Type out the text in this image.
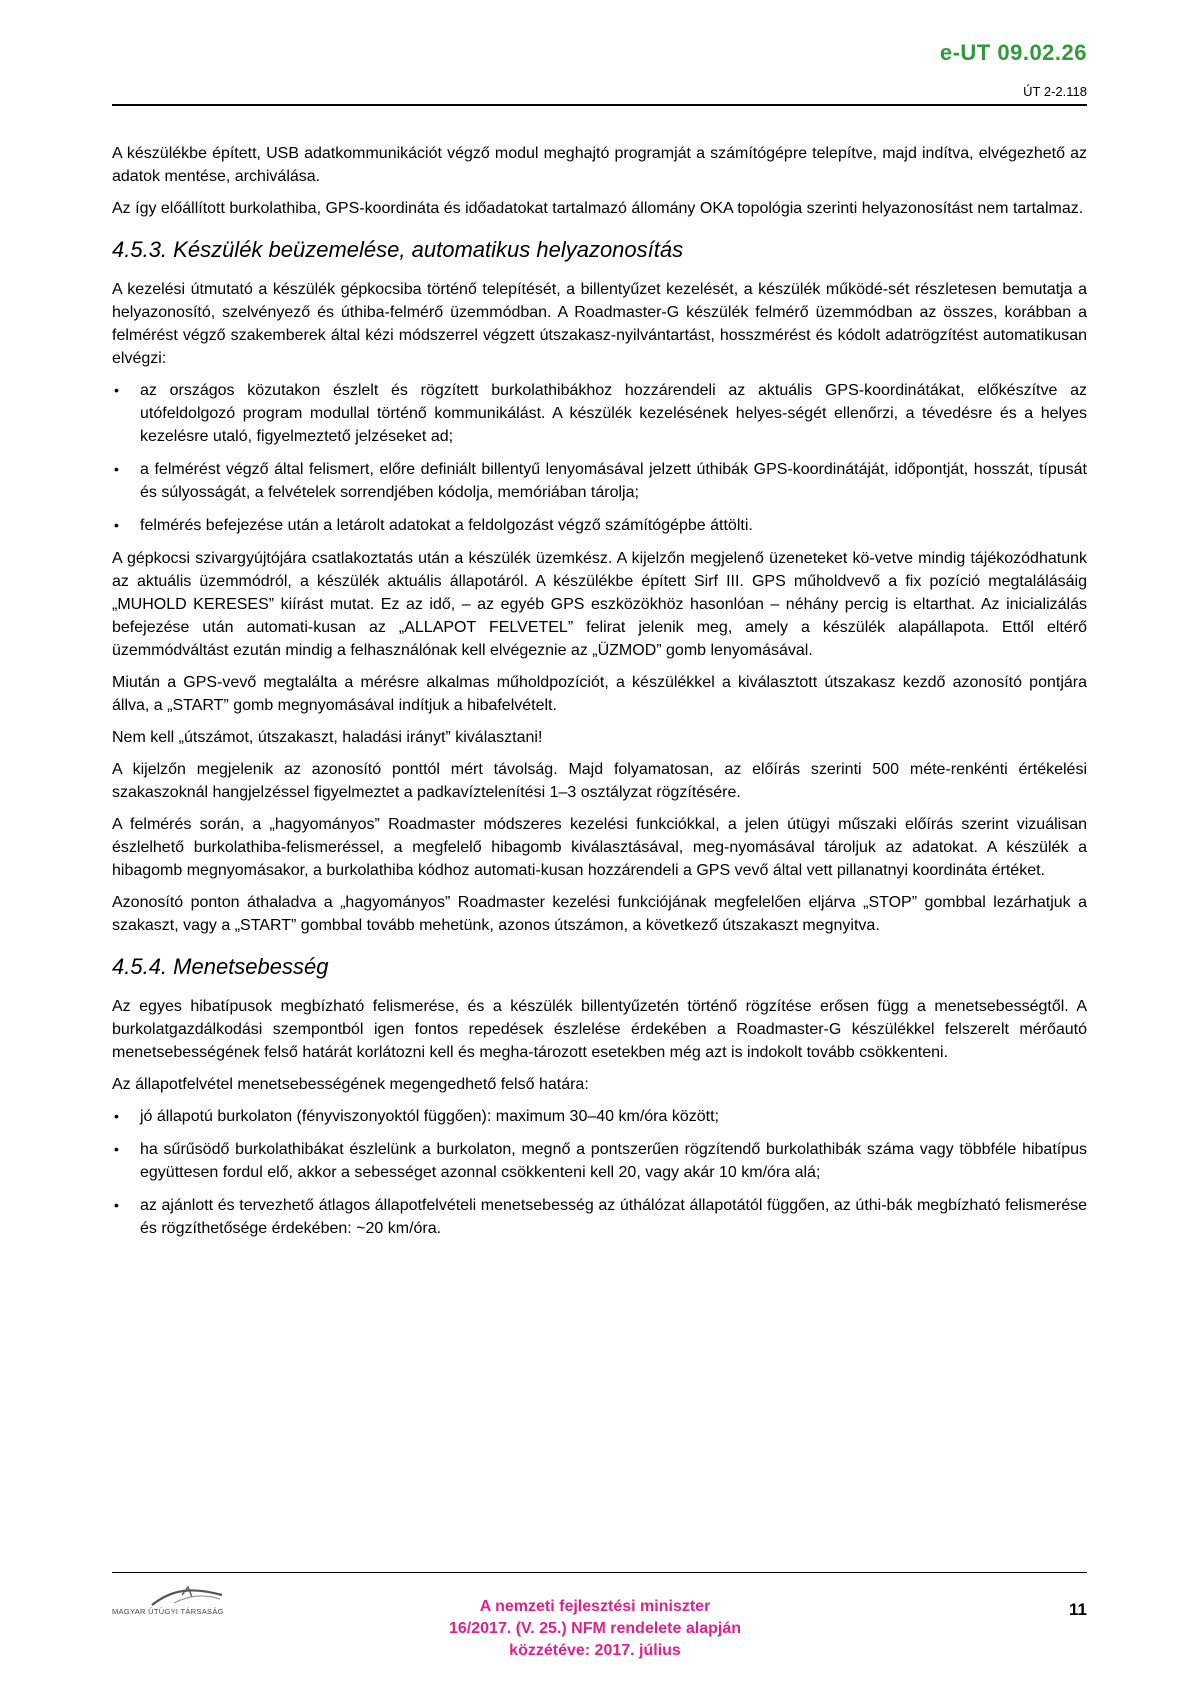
e-UT 09.02.26
ÚT 2-2.118

A készülékbe épített, USB adatkommunikációt végző modul meghajtó programját a számítógépre telepítve, majd indítva, elvégezhető az adatok mentése, archiválása.

Az így előállított burkolathiba, GPS-koordináta és időadatokat tartalmazó állomány OKA topológia szerinti helyazonosítást nem tartalmaz.

4.5.3. Készülék beüzemelése, automatikus helyazonosítás

A kezelési útmutató a készülék gépkocsiba történő telepítését, a billentyűzet kezelését, a készülék működé-sét részletesen bemutatja a helyazonosító, szelvényező és úthiba-felmérő üzemmódban. A Roadmaster-G készülék felmérő üzemmódban az összes, korábban a felmérést végző szakemberek által kézi módszerrel végzett útszakasz-nyilvántartást, hosszmérést és kódolt adatrögzítést automatikusan elvégzi:

• az országos közutakon észlelt és rögzített burkolathibákhoz hozzárendeli az aktuális GPS-koordinátákat, előkészítve az utófeldolgozó program modullal történő kommunikálást. A készülék kezelésének helyes-ségét ellenőrzi, a tévedésre és a helyes kezelésre utaló, figyelmeztető jelzéseket ad;
• a felmérést végző által felismert, előre definiált billentyű lenyomásával jelzett úthibák GPS-koordinátáját, időpontját, hosszát, típusát és súlyosságát, a felvételek sorrendjében kódolja, memóriában tárolja;
• felmérés befejezése után a letárolt adatokat a feldolgozást végző számítógépbe áttölti.

A gépkocsi szivargyújtójára csatlakoztatás után a készülék üzemkész. A kijelzőn megjelenő üzeneteket kö-vetve mindig tájékozódhatunk az aktuális üzemmódról, a készülék aktuális állapotáról. A készülékbe épített Sirf III. GPS műholdvevő a fix pozíció megtalálásáig „MUHOLD KERESES” kiírást mutat. Ez az idő, – az egyéb GPS eszközökhöz hasonlóan – néhány percig is eltarthat. Az inicializálás befejezése után automati-kusan az „ALLAPOT FELVETEL” felirat jelenik meg, amely a készülék alapállapota. Ettől eltérő üzemmódváltást ezután mindig a felhasználónak kell elvégeznie az „ÜZMOD” gomb lenyomásával.

Miután a GPS-vevő megtalálta a mérésre alkalmas műholdpozíciót, a készülékkel a kiválasztott útszakasz kezdő azonosító pontjára állva, a „START” gomb megnyomásával indítjuk a hibafelvételt.

Nem kell „útszámot, útszakaszt, haladási irányt” kiválasztani!

A kijelzőn megjelenik az azonosító ponttól mért távolság. Majd folyamatosan, az előírás szerinti 500 méte-renkénti értékelési szakaszoknál hangjelzéssel figyelmeztet a padkavíztelenítési 1–3 osztályzat rögzítésére.

A felmérés során, a „hagyományos” Roadmaster módszeres kezelési funkciókkal, a jelen útügyi műszaki előírás szerint vizuálisan észlelhető burkolathiba-felismeréssel, a megfelelő hibagomb kiválasztásával, meg-nyomásával tároljuk az adatokat. A készülék a hibagomb megnyomásakor, a burkolathiba kódhoz automati-kusan hozzárendeli a GPS vevő által vett pillanatnyi koordináta értéket.

Azonosító ponton áthaladva a „hagyományos” Roadmaster kezelési funkciójának megfelelően eljárva „STOP” gombbal lezárhatjuk a szakaszt, vagy a „START” gombbal tovább mehetünk, azonos útszámon, a következő útszakaszt megnyitva.

4.5.4. Menetsebesség

Az egyes hibatípusok megbízható felismerése, és a készülék billentyűzetén történő rögzítése erősen függ a menetsebességtől. A burkolatgazdálkodási szempontból igen fontos repedések észlelése érdekében a Roadmaster-G készülékkel felszerelt mérőautó menetsebességének felső határát korlátozni kell és megha-tározott esetekben még azt is indokolt tovább csökkenteni.

Az állapotfelvétel menetsebességének megengedhető felső határa:

• jó állapotú burkolaton (fényviszonyoktól függően): maximum 30–40 km/óra között;
• ha sűrűsödő burkolathibákat észlelünk a burkolaton, megnő a pontszerűen rögzítendő burkolathibák száma vagy többféle hibatípus együttesen fordul elő, akkor a sebességet azonnal csökkenteni kell 20, vagy akár 10 km/óra alá;
• az ajánlott és tervezhető átlagos állapotfelvételi menetsebesség az úthálózat állapotától függően, az úthi-bák megbízható felismerése és rögzíthetősége érdekében: ~20 km/óra.
MAGYAR ÚTÜGYI TÁRSASÁG	A nemzeti fejlesztési miniszter
16/2017. (V. 25.) NFM rendelete alapján
közzétéve: 2017. július
11
